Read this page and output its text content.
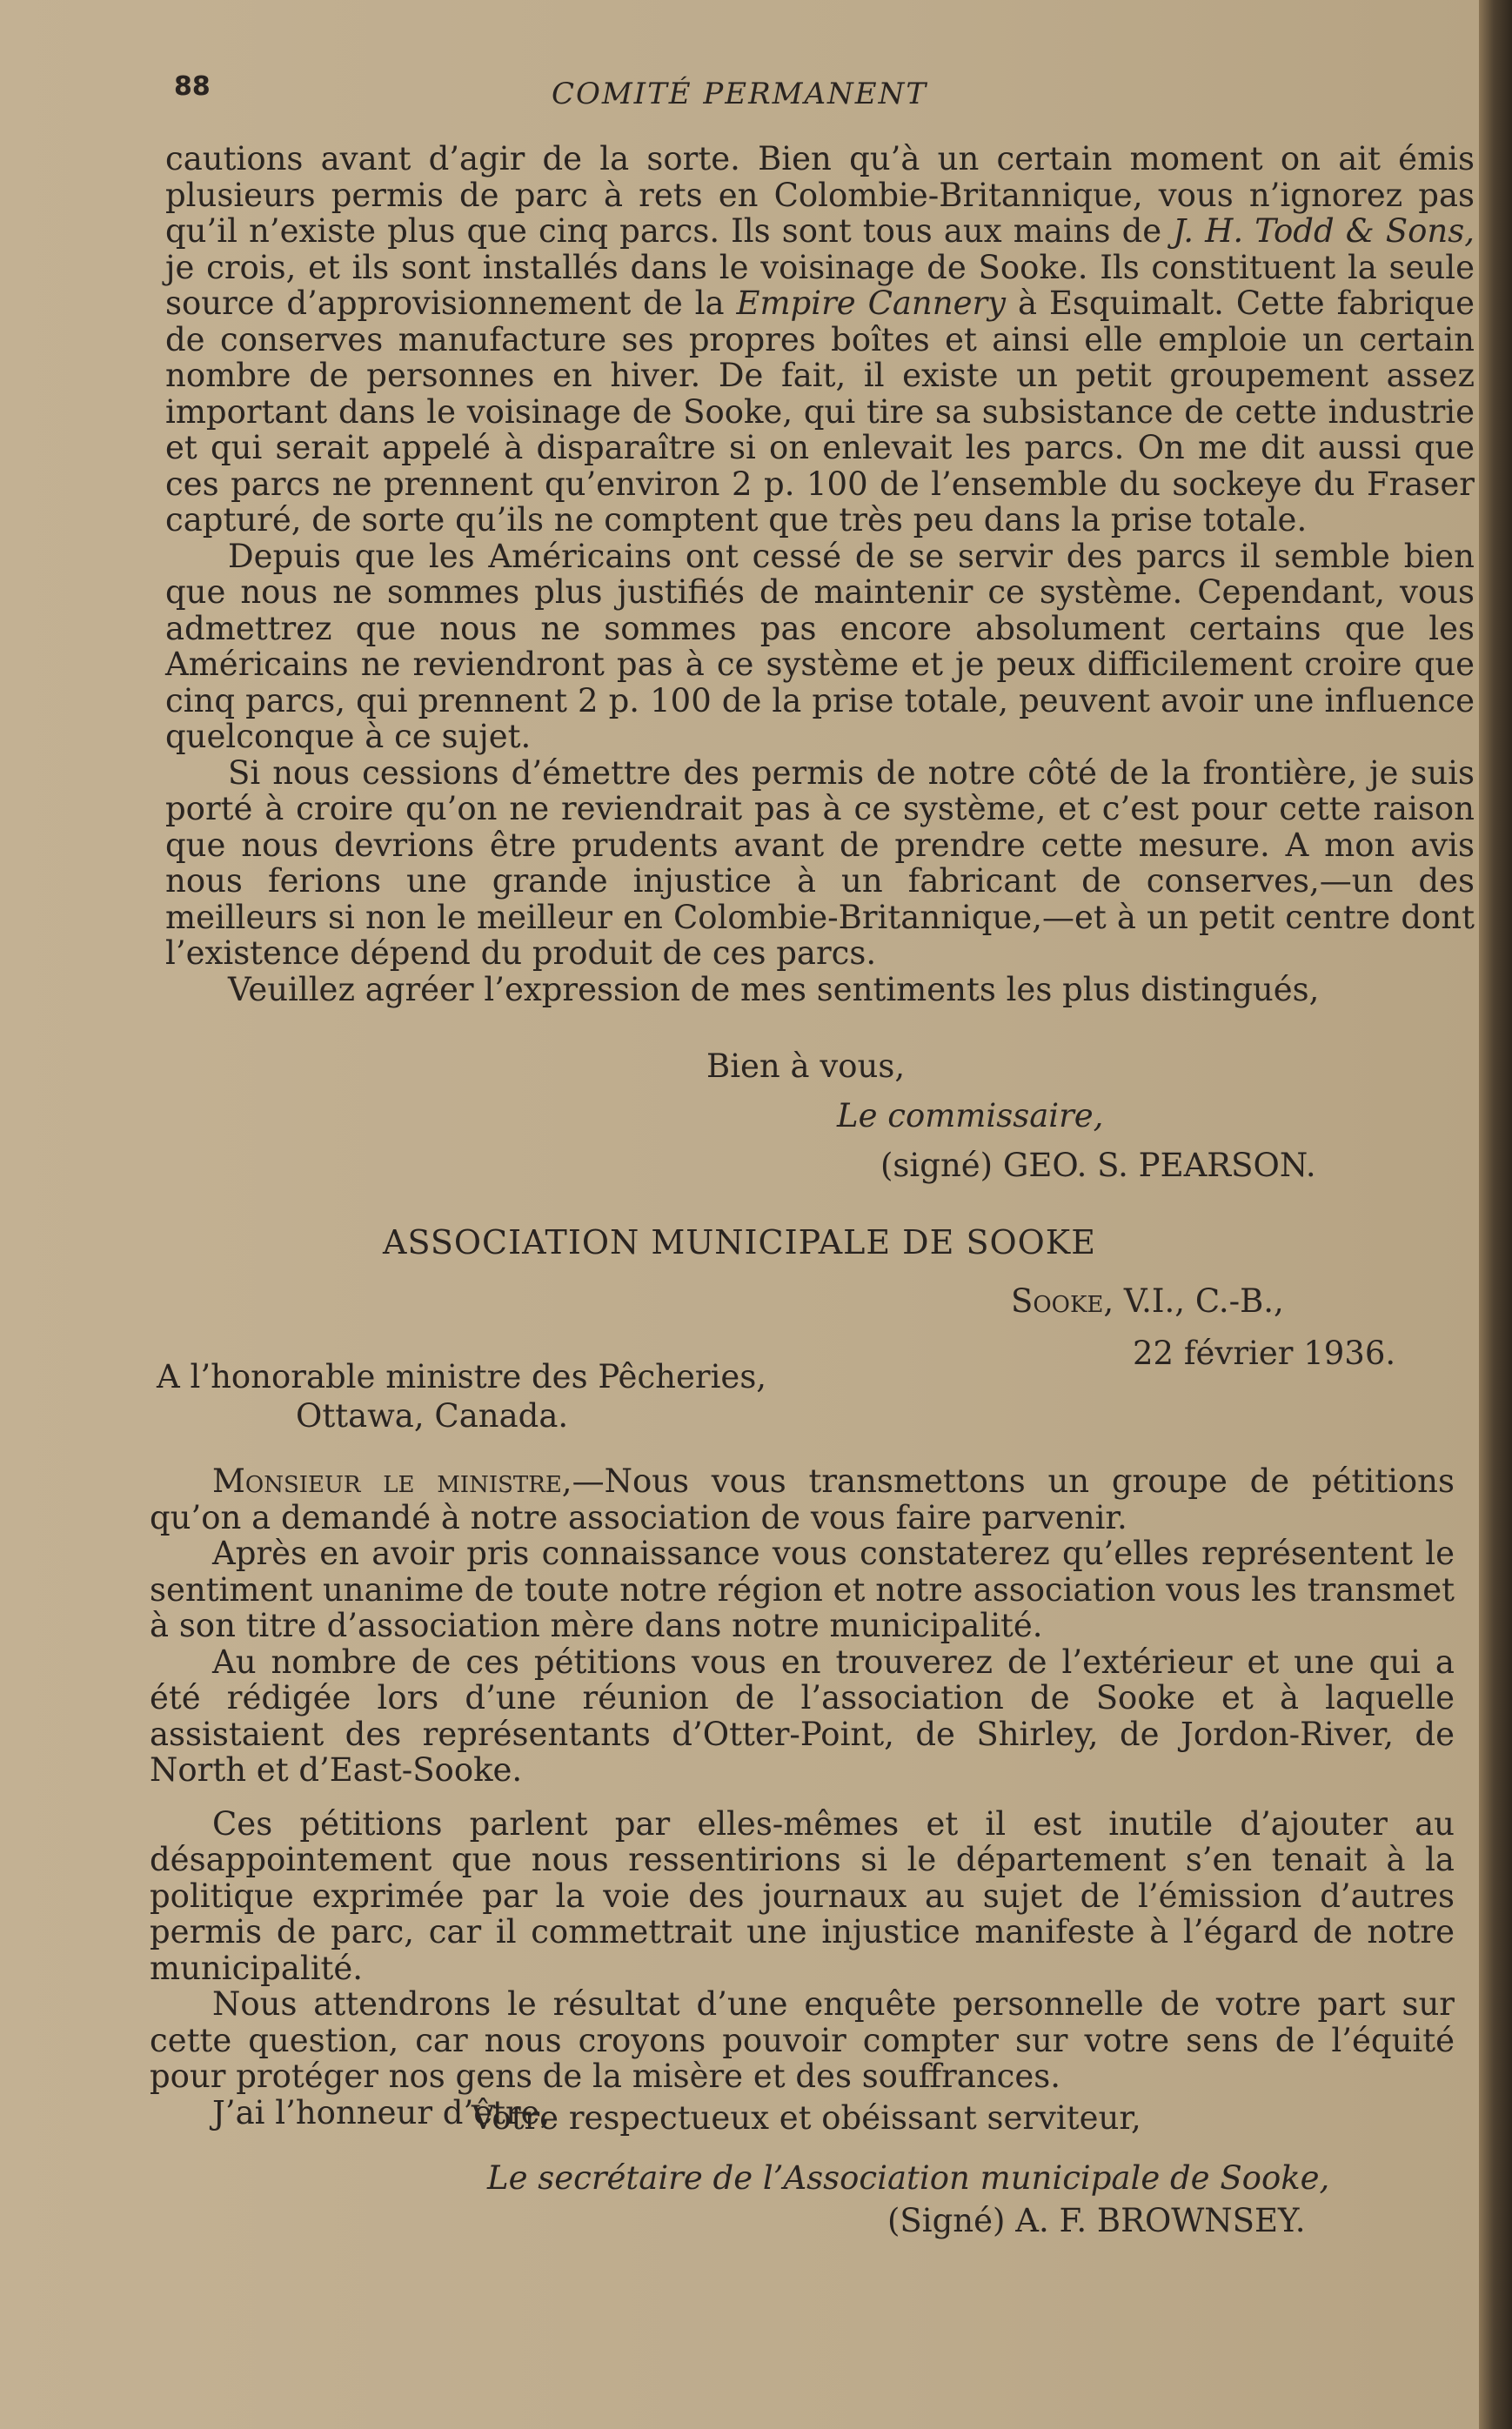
88	COMITÉ PERMANENT

cautions avant d’agir de la sorte. Bien qu’à un certain moment on ait émis plusieurs permis de parc à rets en Colombie-Britannique, vous n’ignorez pas qu’il n’existe plus que cinq parcs. Ils sont tous aux mains de J. H. Todd & Sons, je crois, et ils sont installés dans le voisinage de Sooke. Ils constituent la seule source d’approvisionnement de la Empire Cannery à Esquimalt. Cette fabrique de conserves manufacture ses propres boîtes et ainsi elle emploie un certain nombre de personnes en hiver. De fait, il existe un petit groupement assez important dans le voisinage de Sooke, qui tire sa subsistance de cette industrie et qui serait appelé à disparaître si on enlevait les parcs. On me dit aussi que ces parcs ne prennent qu’environ 2 p. 100 de l’ensemble du sockeye du Fraser capturé, de sorte qu’ils ne comptent que très peu dans la prise totale.

Depuis que les Américains ont cessé de se servir des parcs il semble bien que nous ne sommes plus justifiés de maintenir ce système. Cependant, vous admettrez que nous ne sommes pas encore absolument certains que les Américains ne reviendront pas à ce système et je peux difficilement croire que cinq parcs, qui prennent 2 p. 100 de la prise totale, peuvent avoir une influence quelconque à ce sujet.

Si nous cessions d’émettre des permis de notre côté de la frontière, je suis porté à croire qu’on ne reviendrait pas à ce système, et c’est pour cette raison que nous devrions être prudents avant de prendre cette mesure. A mon avis nous ferions une grande injustice à un fabricant de conserves,—un des meilleurs si non le meilleur en Colombie-Britannique,—et à un petit centre dont l’existence dépend du produit de ces parcs.

Veuillez agréer l’expression de mes sentiments les plus distingués,

Bien à vous,
Le commissaire,
(signé) GEO. S. PEARSON.
ASSOCIATION MUNICIPALE DE SOOKE
Sooke, V.I., C.-B.,
22 février 1936.
A l’honorable ministre des Pêcheries,
Ottawa, Canada.

Monsieur le ministre,—Nous vous transmettons un groupe de pétitions qu’on a demandé à notre association de vous faire parvenir.

Après en avoir pris connaissance vous constaterez qu’elles représentent le sentiment unanime de toute notre région et notre association vous les transmet à son titre d’association mère dans notre municipalité.

Au nombre de ces pétitions vous en trouverez de l’extérieur et une qui a été rédigée lors d’une réunion de l’association de Sooke et à laquelle assistaient des représentants d’Otter-Point, de Shirley, de Jordon-River, de North et d’East-Sooke.

Ces pétitions parlent par elles-mêmes et il est inutile d’ajouter au désappointement que nous ressentirions si le département s’en tenait à la politique exprimée par la voie des journaux au sujet de l’émission d’autres permis de parc, car il commettrait une injustice manifeste à l’égard de notre municipalité.

Nous attendrons le résultat d’une enquête personnelle de votre part sur cette question, car nous croyons pouvoir compter sur votre sens de l’équité pour protéger nos gens de la misère et des souffrances.

J’ai l’honneur d’être,

Votre respectueux et obéissant serviteur,
Le secrétaire de l’Association municipale de Sooke,
(Signé) A. F. BROWNSEY.
